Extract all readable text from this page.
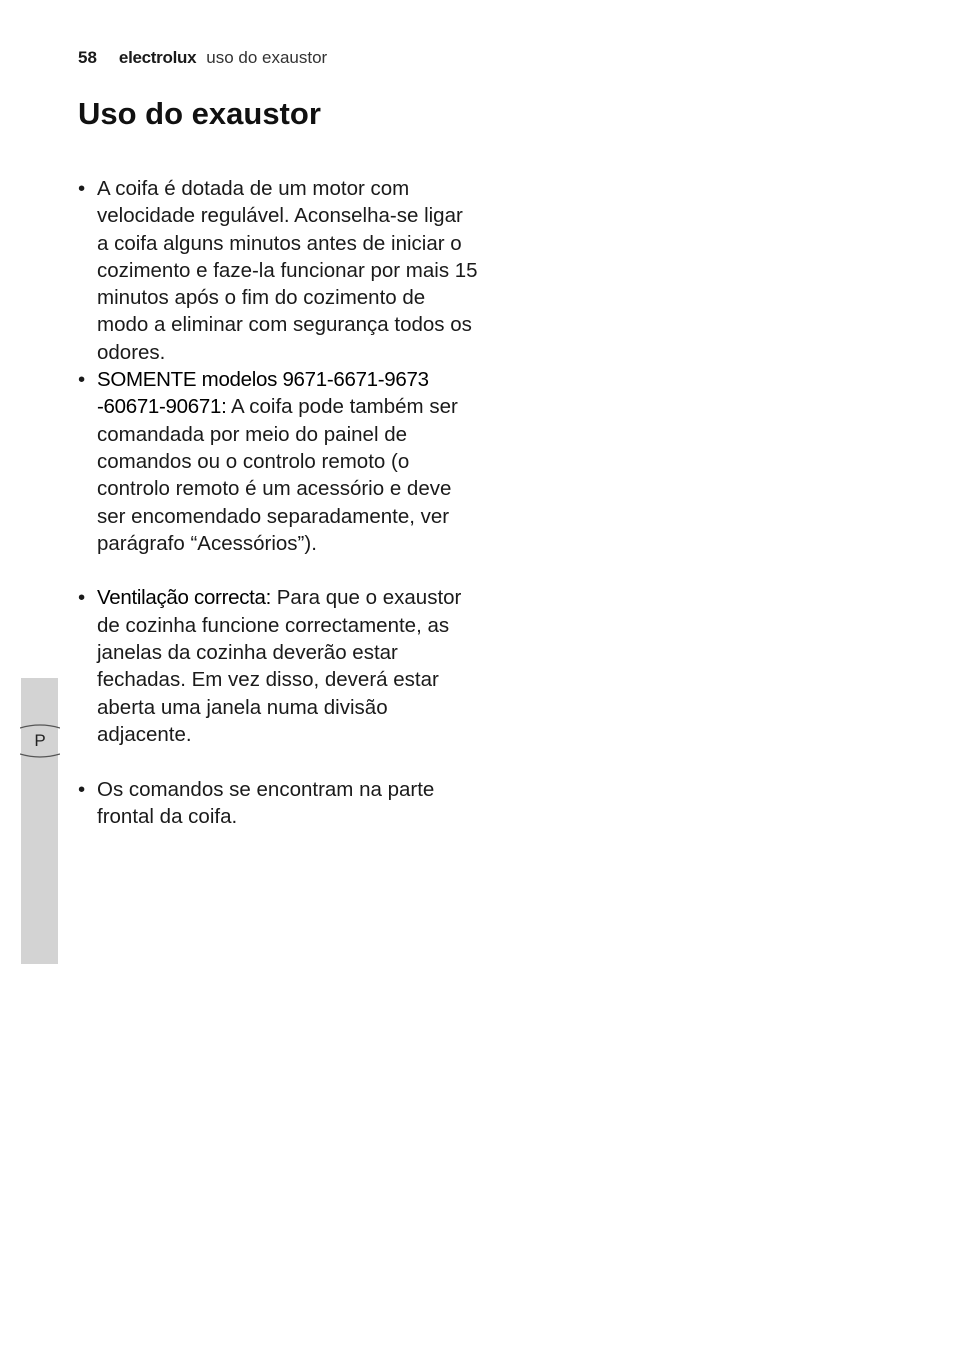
58 electrolux uso do exaustor
Uso do exaustor
• A coifa é dotada de um motor com velocidade regulável. Aconselha-se ligar a coifa alguns minutos antes de iniciar o cozimento e faze-la funcionar por mais 15 minutos após o fim do cozimento de modo a eliminar com segurança todos os odores.
• SOMENTE modelos 9671-6671-9673 -60671-90671: A coifa pode também ser comandada por meio do painel de comandos ou o controlo remoto (o controlo remoto é um acessório e deve ser encomendado separadamente, ver parágrafo “Acessórios”).
• Ventilação correcta: Para que o exaustor de cozinha funcione correctamente, as janelas da cozinha deverão estar fechadas. Em vez disso, deverá estar aberta uma janela numa divisão adjacente.
• Os comandos se encontram na parte frontal da coifa.
P
